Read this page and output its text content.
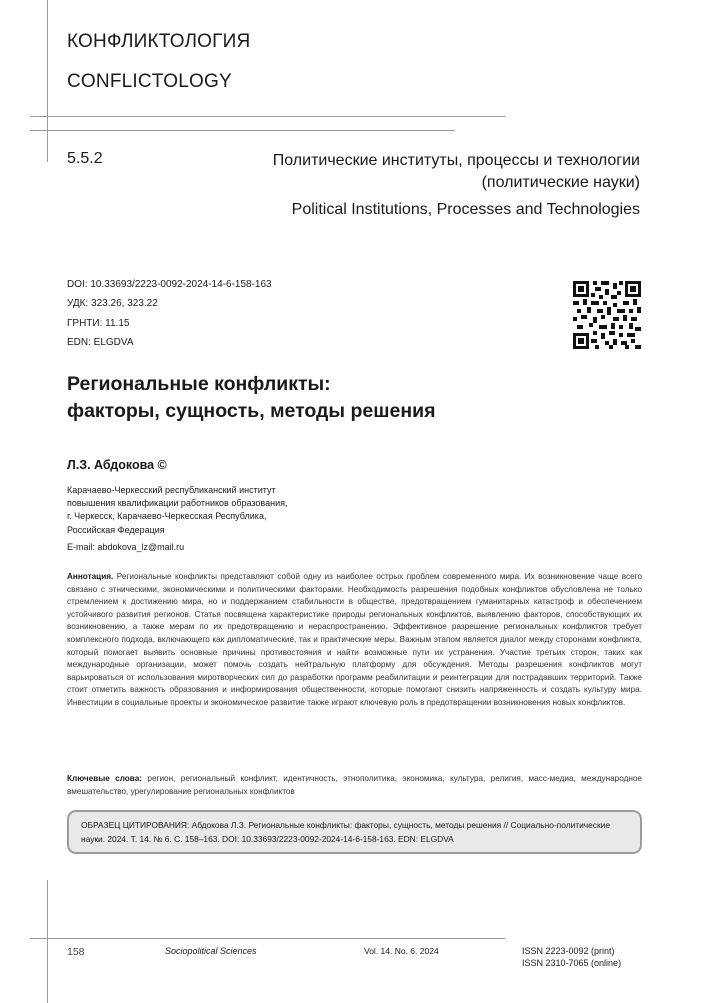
КОНФЛИКТОЛОГИЯ
CONFLICTOLOGY
5.5.2	Политические институты, процессы и технологии
(политические науки)
Political Institutions, Processes and Technologies
DOI: 10.33693/2223-0092-2024-14-6-158-163
УДК: 323.26, 323.22
ГРНТИ: 11.15
EDN: ELGDVA
Региональные конфликты:
факторы, сущность, методы решения
Л.З. Абдокова ©
Карачаево-Черкесский республиканский институт
повышения квалификации работников образования,
г. Черкесск, Карачаево-Черкесская Республика,
Российская Федерация
E-mail: abdokova_lz@mail.ru
Аннотация. Региональные конфликты представляют собой одну из наиболее острых проблем современного мира. Их возникновение чаще всего связано с этническими, экономическими и политическими факторами. Необходимость разрешения подобных конфликтов обусловлена не только стремлением к достижению мира, но и поддержанием стабильности в обществе, предотвращением гуманитарных катастроф и обеспечением устойчивого развития регионов. Статья посвящена характеристике природы региональных конфликтов, выявлению факторов, способствующих их возникновению, а также мерам по их предотвращению и нераспространению. Эффективное разрешение региональных конфликтов требует комплексного подхода, включающего как дипломатические, так и практические меры. Важным этапом является диалог между сторонами конфликта, который помогает выявить основные причины противостояния и найти возможные пути их устранения. Участие третьих сторон, таких как международные организации, может помочь создать нейтральную платформу для обсуждения. Методы разрешения конфликтов могут варьироваться от использования миротворческих сил до разработки программ реабилитации и реинтеграции для пострадавших территорий. Также стоит отметить важность образования и информирования общественности, которые помогают снизить напряженность и создать культуру мира. Инвестиции в социальные проекты и экономическое развитие также играют ключевую роль в предотвращении возникновения новых конфликтов.
Ключевые слова: регион, региональный конфликт, идентичность, этнополитика, экономика, культура, религия, масс-медиа, международное вмешательство, урегулирование региональных конфликтов
ОБРАЗЕЦ ЦИТИРОВАНИЯ: Абдокова Л.З. Региональные конфликты: факторы, сущность, методы решения // Социально-политические науки. 2024. Т. 14. № 6. С. 158–163. DOI: 10.33693/2223-0092-2024-14-6-158-163. EDN: ELGDVA
158	Sociopolitical Sciences	Vol. 14. No. 6. 2024	ISSN 2223-0092 (print)
ISSN 2310-7065 (online)
